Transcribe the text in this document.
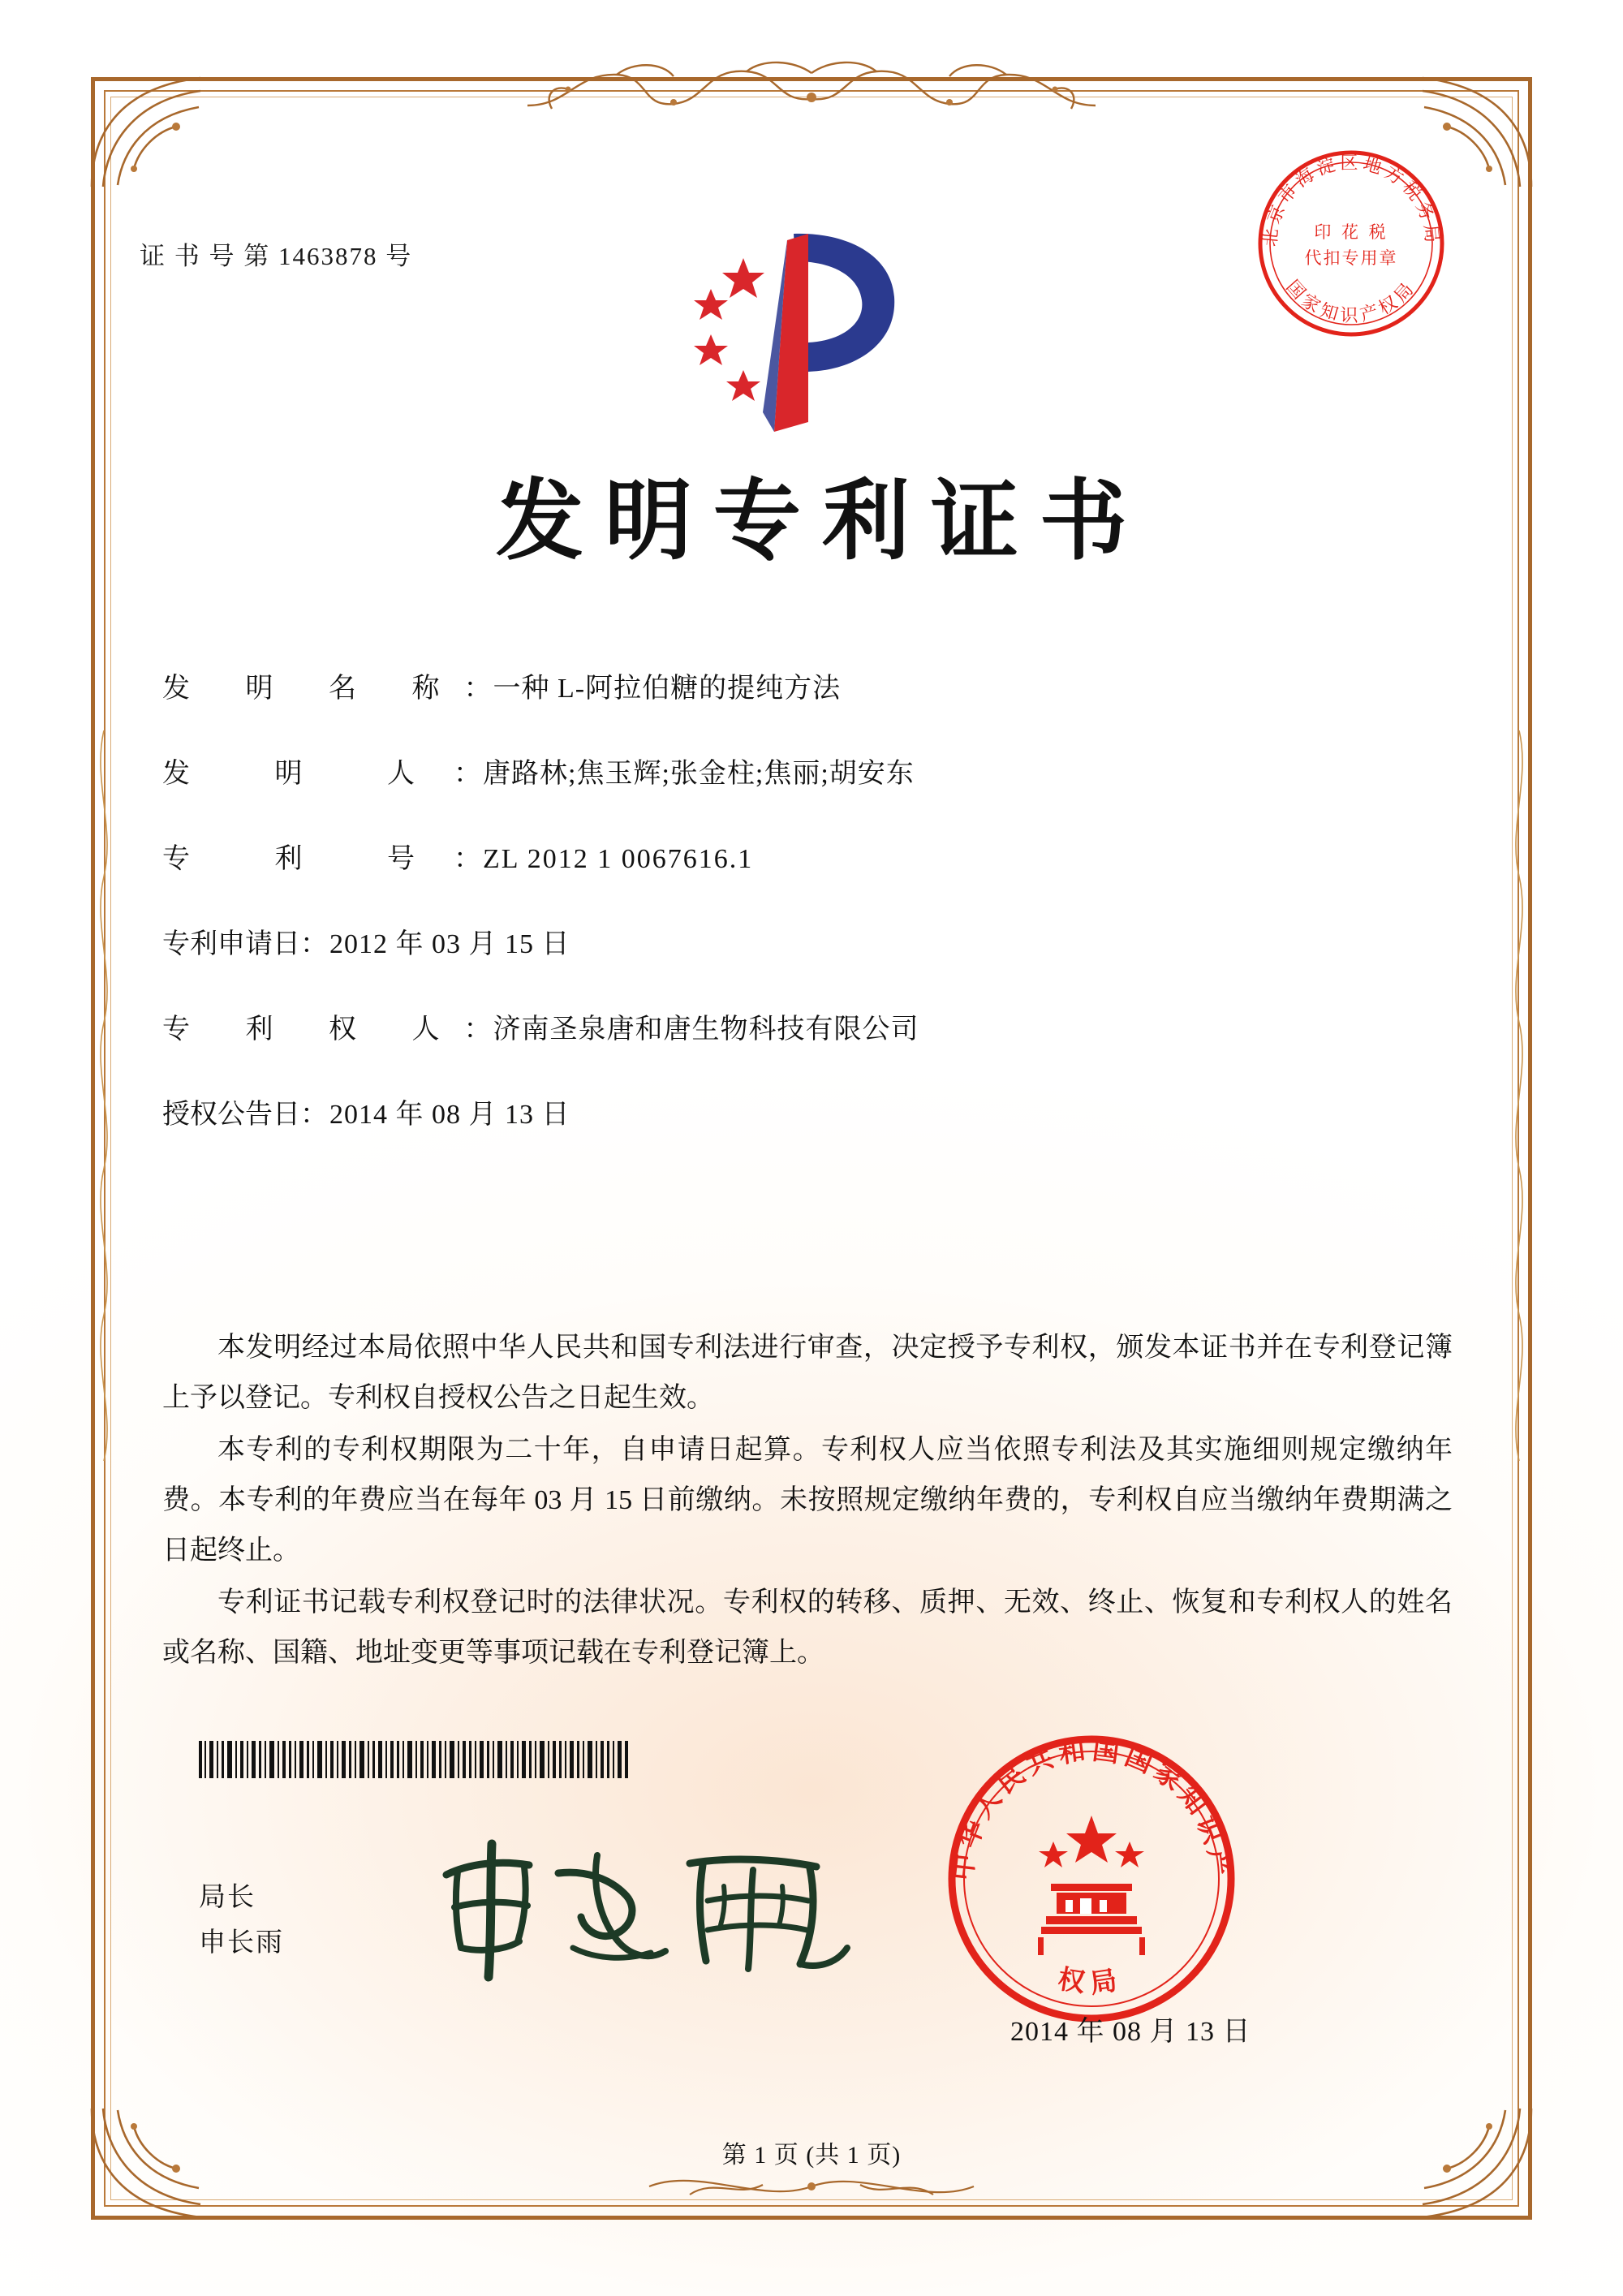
证 书 号 第 1463878 号
北京市海淀区地方税务局
国家知识产权局
印 花 税
代扣专用章
发明专利证书
发 明 名 称 ： 一种 L-阿拉伯糖的提纯方法
发 明 人 ： 唐路林;焦玉辉;张金柱;焦丽;胡安东
专 利 号 ： ZL 2012 1 0067616.1
专利申请日 ： 2012 年 03 月 15 日
专 利 权 人 ： 济南圣泉唐和唐生物科技有限公司
授权公告日 ： 2014 年 08 月 13 日

本发明经过本局依照中华人民共和国专利法进行审查，决定授予专利权，颁发本证书并在专利登记簿上予以登记。专利权自授权公告之日起生效。

本专利的专利权期限为二十年，自申请日起算。专利权人应当依照专利法及其实施细则规定缴纳年费。本专利的年费应当在每年 03 月 15 日前缴纳。未按照规定缴纳年费的，专利权自应当缴纳年费期满之日起终止。

专利证书记载专利权登记时的法律状况。专利权的转移、质押、无效、终止、恢复和专利权人的姓名或名称、国籍、地址变更等事项记载在专利登记簿上。

局长
申长雨
中华人民共和国国家知识产
权局
2014 年 08 月 13 日
第 1 页 (共 1 页)
